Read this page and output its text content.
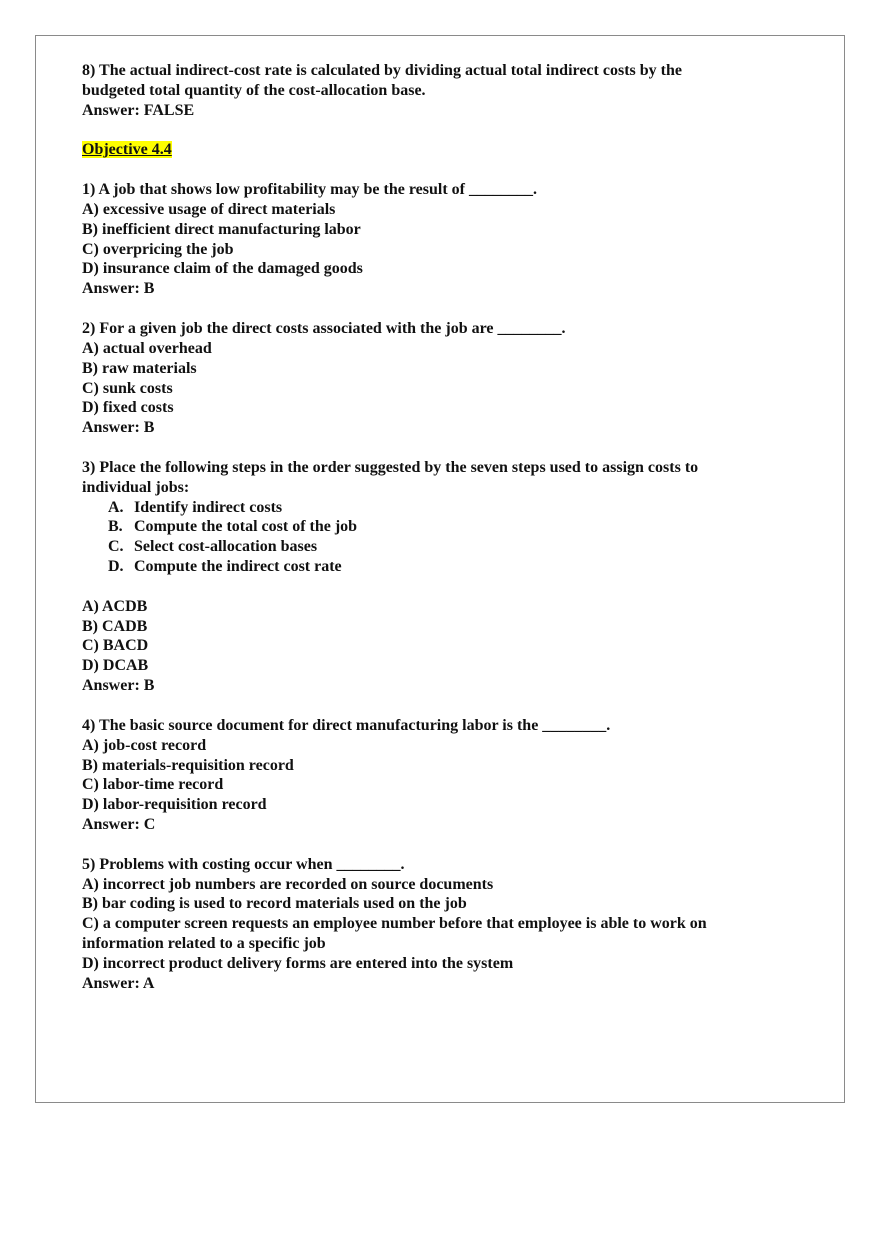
8) The actual indirect-cost rate is calculated by dividing actual total indirect costs by the
budgeted total quantity of the cost-allocation base.
Answer: FALSE
Objective 4.4
1) A job that shows low profitability may be the result of ________.
A) excessive usage of direct materials
B) inefficient direct manufacturing labor
C) overpricing the job
D) insurance claim of the damaged goods
Answer: B
2) For a given job the direct costs associated with the job are ________.
A) actual overhead
B) raw materials
C) sunk costs
D) fixed costs
Answer: B
3) Place the following steps in the order suggested by the seven steps used to assign costs to
individual jobs:
A. Identify indirect costs
B. Compute the total cost of the job
C. Select cost-allocation bases
D. Compute the indirect cost rate
A) ACDB
B) CADB
C) BACD
D) DCAB
Answer: B
4) The basic source document for direct manufacturing labor is the ________.
A) job-cost record
B) materials-requisition record
C) labor-time record
D) labor-requisition record
Answer: C
5) Problems with costing occur when ________.
A) incorrect job numbers are recorded on source documents
B) bar coding is used to record materials used on the job
C) a computer screen requests an employee number before that employee is able to work on
information related to a specific job
D) incorrect product delivery forms are entered into the system
Answer: A
